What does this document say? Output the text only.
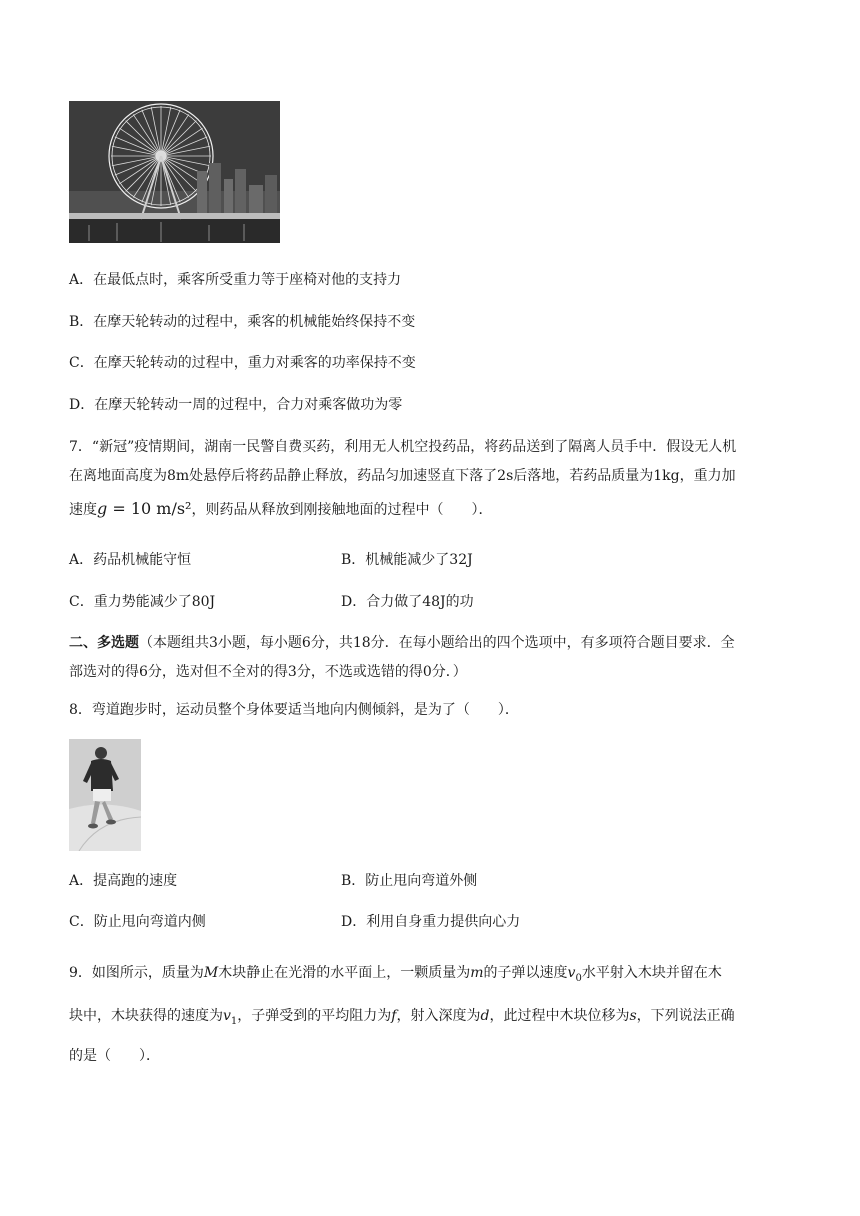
A．在最低点时，乘客所受重力等于座椅对他的支持力
B．在摩天轮转动的过程中，乘客的机械能始终保持不变
C．在摩天轮转动的过程中，重力对乘客的功率保持不变
D．在摩天轮转动一周的过程中，合力对乘客做功为零
7．“新冠”疫情期间，湖南一民警自费买药，利用无人机空投药品，将药品送到了隔离人员手中．假设无人机
在离地面高度为8m处悬停后将药品静止释放，药品匀加速竖直下落了2s后落地，若药品质量为1kg，重力加
速度g = 10 m/s²，则药品从释放到刚接触地面的过程中（　　）．
A．药品机械能守恒	B．机械能减少了32J
C．重力势能减少了80J	D．合力做了48J的功
二、多选题（本题组共3小题，每小题6分，共18分．在每小题给出的四个选项中，有多项符合题目要求．全
部选对的得6分，选对但不全对的得3分，不选或选错的得0分．）
8．弯道跑步时，运动员整个身体要适当地向内侧倾斜，是为了（　　）．
A．提高跑的速度	B．防止甩向弯道外侧
C．防止甩向弯道内侧	D．利用自身重力提供向心力
9．如图所示，质量为M木块静止在光滑的水平面上，一颗质量为m的子弹以速度$v_0$水平射入木块并留在木
块中，木块获得的速度为$v_1$，子弹受到的平均阻力为f，射入深度为d，此过程中木块位移为s，下列说法正确
的是（　　）．
